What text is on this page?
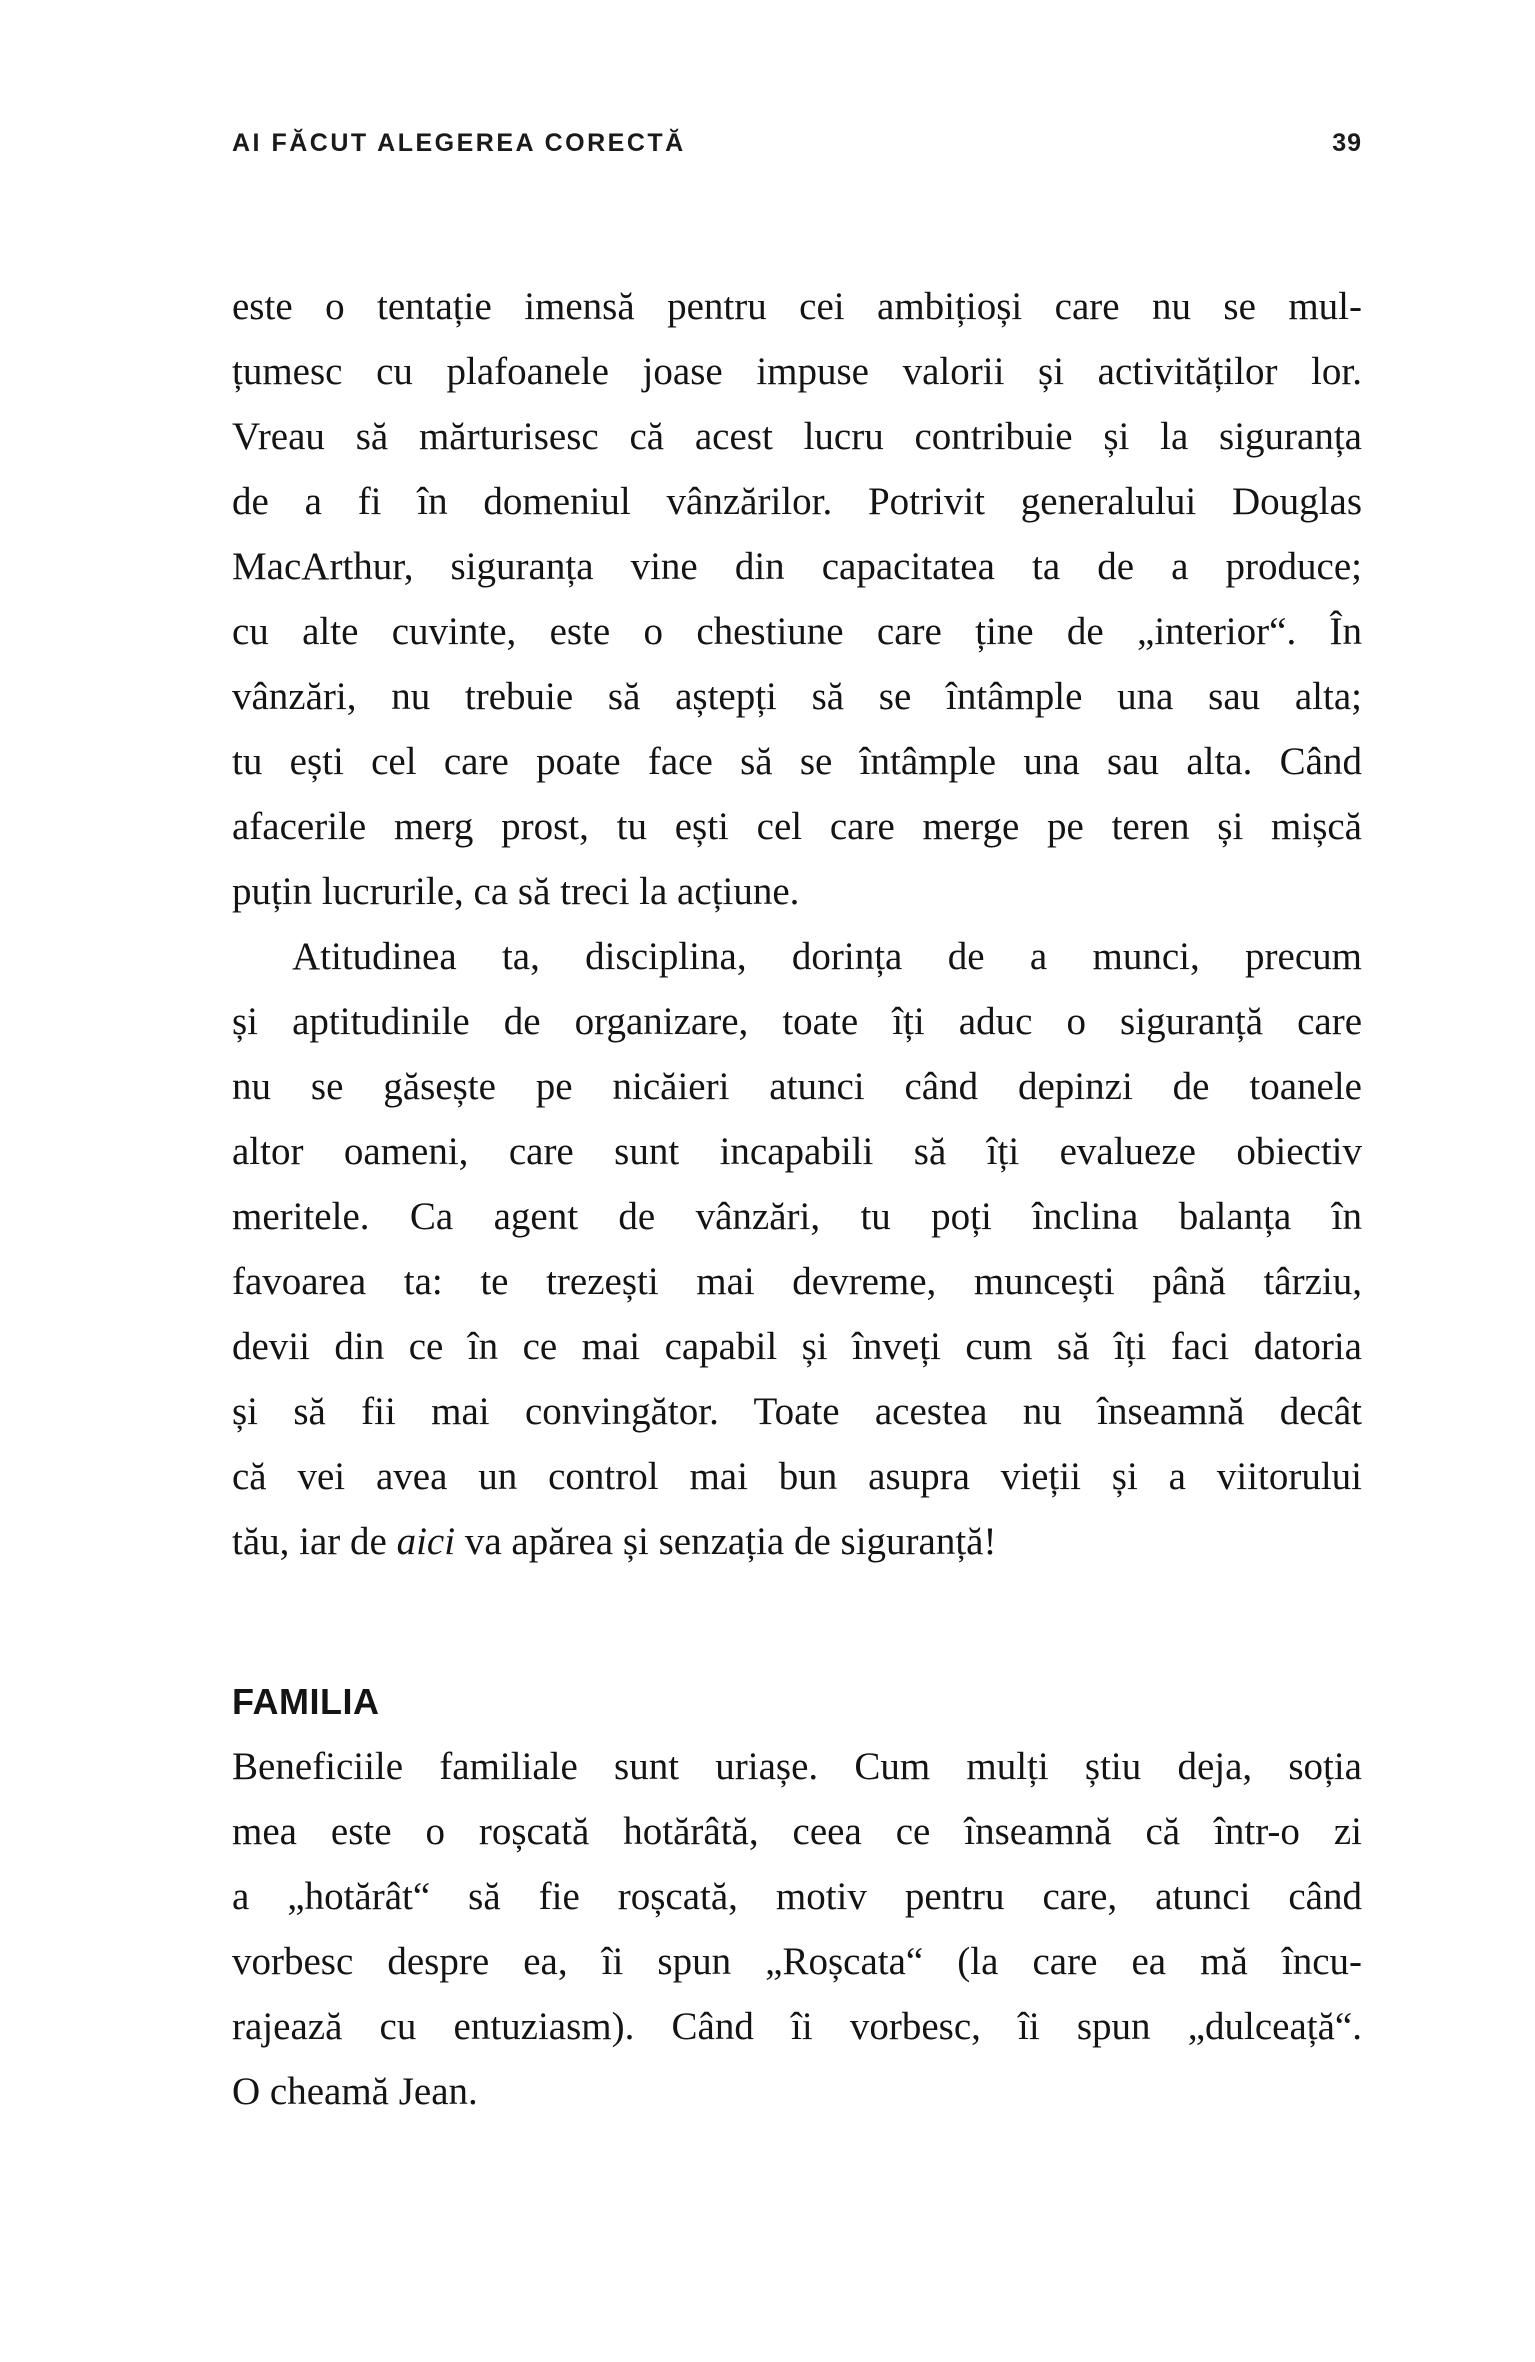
AI FĂCUT ALEGEREA CORECTĂ	39
este o tentație imensă pentru cei ambițioși care nu se mul-
țumesc cu plafoanele joase impuse valorii și activităților lor.
Vreau să mărturisesc că acest lucru contribuie și la siguranța
de a fi în domeniul vânzărilor. Potrivit generalului Douglas
MacArthur, siguranța vine din capacitatea ta de a produce;
cu alte cuvinte, este o chestiune care ține de „interior“. În
vânzări, nu trebuie să aștepți să se întâmple una sau alta;
tu ești cel care poate face să se întâmple una sau alta. Când
afacerile merg prost, tu ești cel care merge pe teren și mișcă
puțin lucrurile, ca să treci la acțiune.
Atitudinea ta, disciplina, dorința de a munci, precum
și aptitudinile de organizare, toate îți aduc o siguranță care
nu se găsește pe nicăieri atunci când depinzi de toanele
altor oameni, care sunt incapabili să îți evalueze obiectiv
meritele. Ca agent de vânzări, tu poți înclina balanța în
favoarea ta: te trezești mai devreme, muncești până târziu,
devii din ce în ce mai capabil și înveți cum să îți faci datoria
și să fii mai convingător. Toate acestea nu înseamnă decât
că vei avea un control mai bun asupra vieții și a viitorului
tău, iar de aici va apărea și senzația de siguranță!
FAMILIA
Beneficiile familiale sunt uriașe. Cum mulți știu deja, soția
mea este o roșcată hotărâtă, ceea ce înseamnă că într-o zi
a „hotărât“ să fie roșcată, motiv pentru care, atunci când
vorbesc despre ea, îi spun „Roșcata“ (la care ea mă încu-
rajează cu entuziasm). Când îi vorbesc, îi spun „dulceață“.
O cheamă Jean.
